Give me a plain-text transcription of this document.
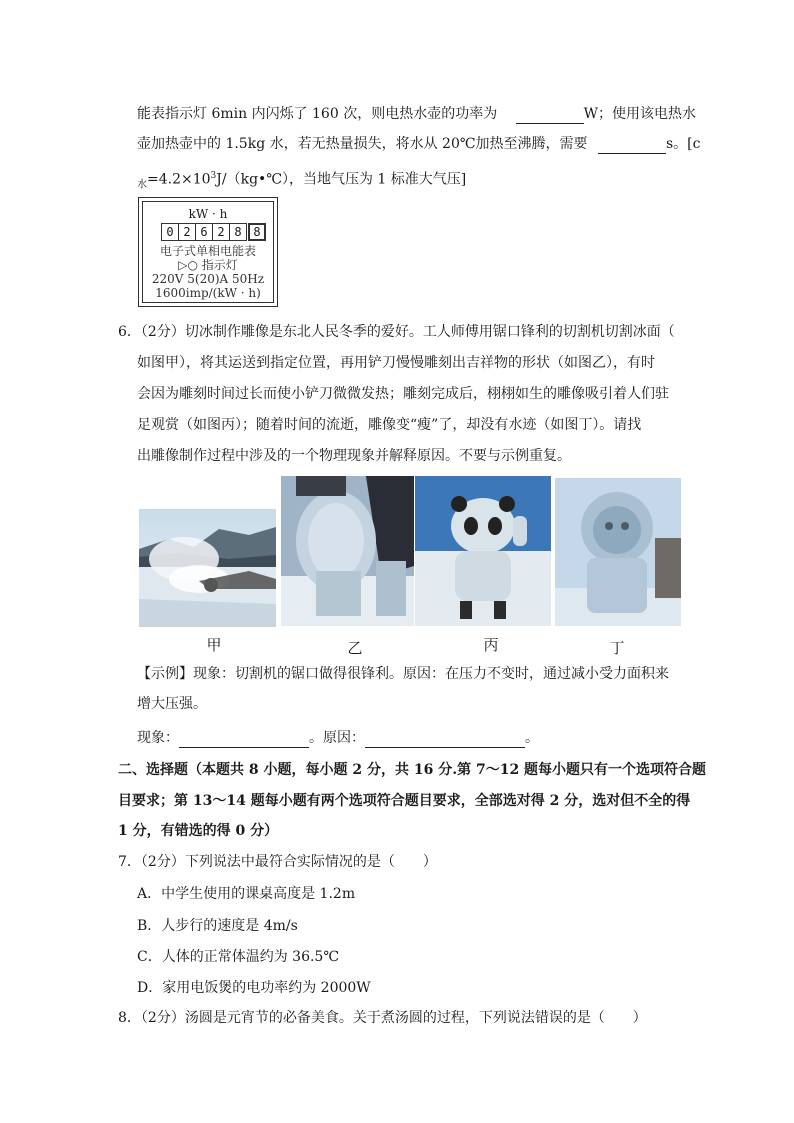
能表指示灯 6min 内闪烁了 160 次，则电热水壶的功率为	W；使用该电热水
壶加热壶中的 1.5kg 水，若无热量损失，将水从 20℃加热至沸腾，需要	s。[c
$_水=4.2\times 10^3J/(kg•℃)$，当地气压为 1 标准大气压]
kW · h
0 2 6 2 8 8
电子式单相电能表
▷○ 指示灯
220V 5(20)A 50Hz
1600imp/(kW · h)
6．（2分）切冰制作雕像是东北人民冬季的爱好。工人师傅用锯口锋利的切割机切割冰面（
如图甲），将其运送到指定位置，再用铲刀慢慢雕刻出吉祥物的形状（如图乙），有时
会因为雕刻时间过长而使小铲刀微微发热；雕刻完成后，栩栩如生的雕像吸引着人们驻
足观赏（如图丙）；随着时间的流逝，雕像变“瘦”了，却没有水迹（如图丁）。请找
出雕像制作过程中涉及的一个物理现象并解释原因。不要与示例重复。
甲	乙	丙	丁
【示例】现象：切割机的锯口做得很锋利。原因：在压力不变时，通过减小受力面积来
增大压强。
现象：	。原因：	。
二、选择题（本题共 8 小题，每小题 2 分，共 16 分.第 7～12 题每小题只有一个选项符合题
目要求；第 13～14 题每小题有两个选项符合题目要求，全部选对得 2 分，选对但不全的得
1 分，有错选的得 0 分）
7．（2分）下列说法中最符合实际情况的是（　　）
A．中学生使用的课桌高度是 1.2m
B．人步行的速度是 4m/s
C．人体的正常体温约为 36.5℃
D．家用电饭煲的电功率约为 2000W
8．（2分）汤圆是元宵节的必备美食。关于煮汤圆的过程，下列说法错误的是（　　）
